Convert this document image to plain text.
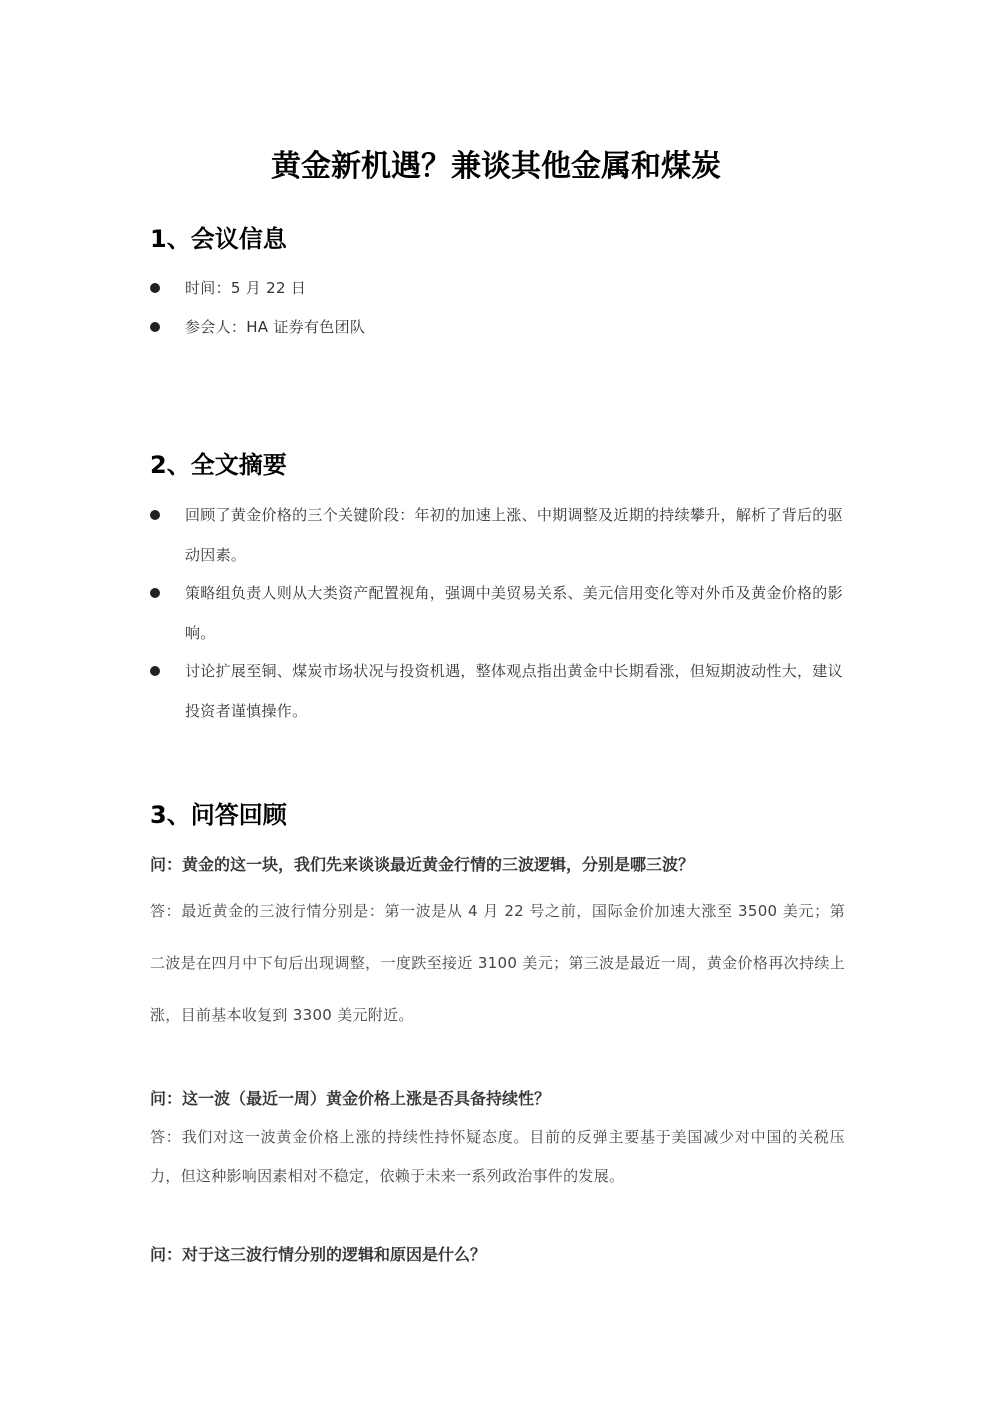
黄金新机遇？兼谈其他金属和煤炭
1、会议信息
时间：5 月 22 日
参会人：HA 证券有色团队
2、全文摘要
回顾了黄金价格的三个关键阶段：年初的加速上涨、中期调整及近期的持续攀升，解析了背后的驱动因素。
策略组负责人则从大类资产配置视角，强调中美贸易关系、美元信用变化等对外币及黄金价格的影响。
讨论扩展至铜、煤炭市场状况与投资机遇，整体观点指出黄金中长期看涨，但短期波动性大，建议投资者谨慎操作。
3、问答回顾
问：黄金的这一块，我们先来谈谈最近黄金行情的三波逻辑，分别是哪三波？
答：最近黄金的三波行情分别是：第一波是从 4 月 22 号之前，国际金价加速大涨至 3500 美元；第二波是在四月中下旬后出现调整，一度跌至接近 3100 美元；第三波是最近一周，黄金价格再次持续上涨，目前基本收复到 3300 美元附近。
问：这一波（最近一周）黄金价格上涨是否具备持续性？
答：我们对这一波黄金价格上涨的持续性持怀疑态度。目前的反弹主要基于美国减少对中国的关税压力，但这种影响因素相对不稳定，依赖于未来一系列政治事件的发展。
问：对于这三波行情分别的逻辑和原因是什么？
